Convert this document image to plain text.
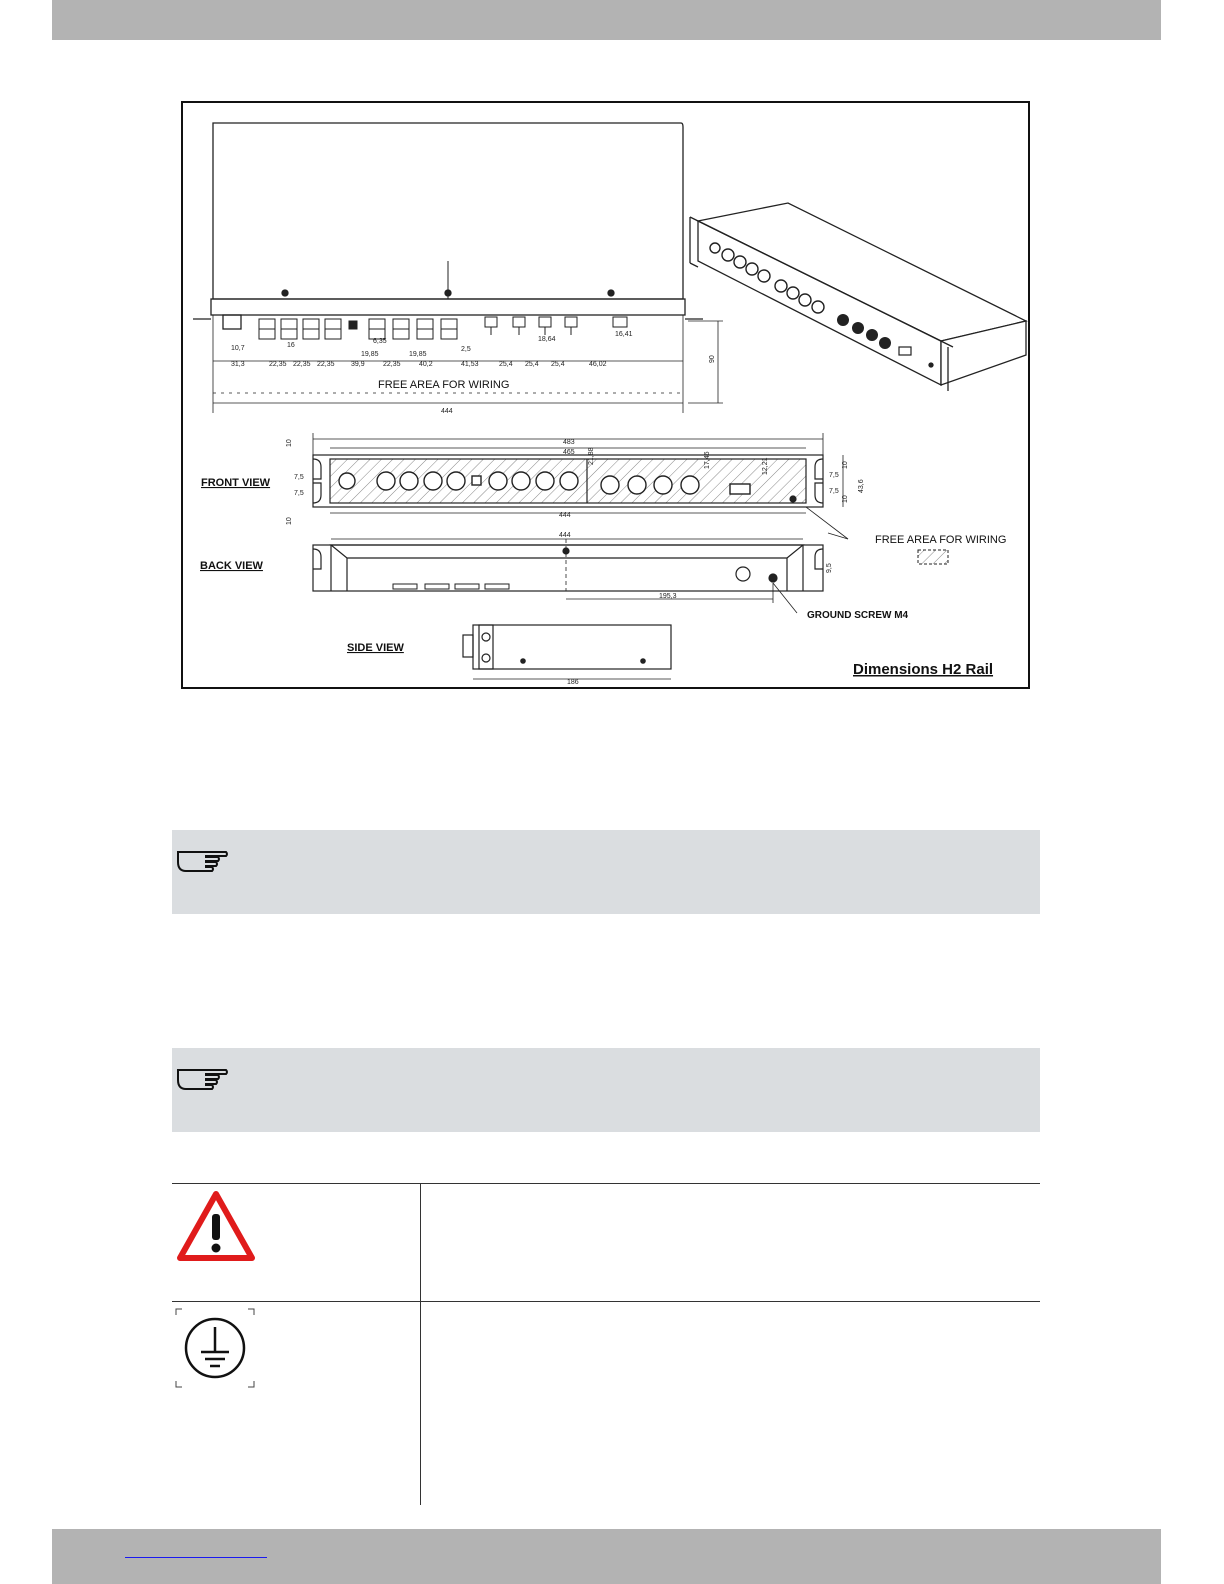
10,7	16
6,35
19,85	19,85
2,5
18,64
16,41
31,3	22,35 22,35 22,35 39,9	22,35	40,2	41,53	25,4 25,4 25,4	46,02
FREE AREA FOR WIRING
444
90
483
465
444
21,88	17,46	12,21
10
10
10
10
7,5
7,5
7,5
7,5	43,6
FRONT VIEW
FREE AREA FOR WIRING
444
195,3
9,5
BACK VIEW
GROUND SCREW M4
186
SIDE VIEW
Dimensions H2 Rail
